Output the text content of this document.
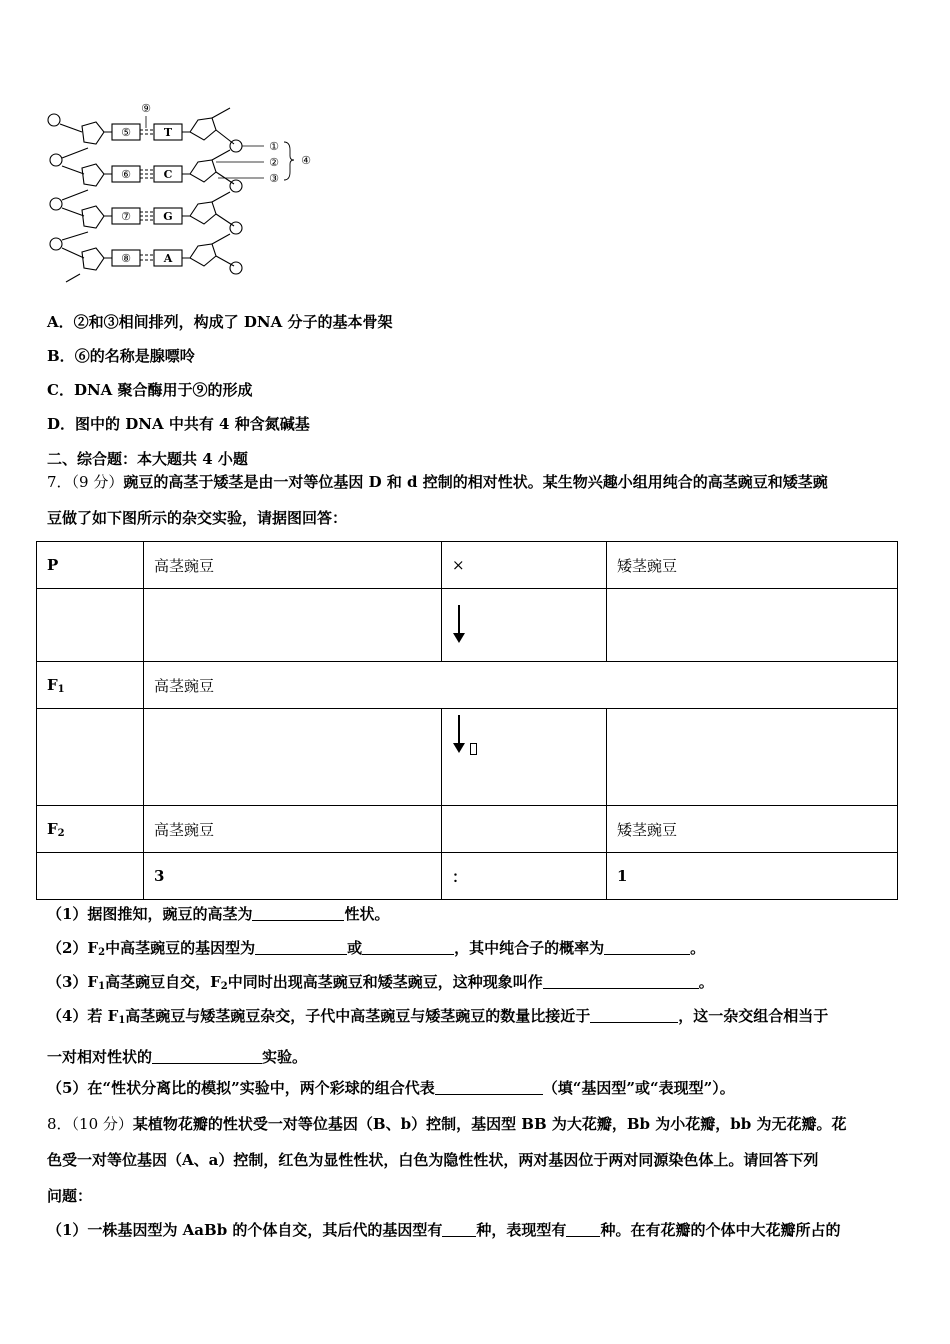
⑤
⑥
⑦
⑧
T
C
G
A
⑨
①
②
③
④
A．②和③相间排列，构成了 DNA 分子的基本骨架
B．⑥的名称是腺嘌呤
C．DNA 聚合酶用于⑨的形成
D．图中的 DNA 中共有 4 种含氮碱基
二、综合题：本大题共 4 小题
7．（9 分）豌豆的高茎于矮茎是由一对等位基因 D 和 d 控制的相对性状。某生物兴趣小组用纯合的高茎豌豆和矮茎豌
豆做了如下图所示的杂交实验，请据图回答：
P	高茎豌豆	×	矮茎豌豆

$F_1$	高茎豌豆		

$F_2$	高茎豌豆		矮茎豌豆
	3	：	1
（1）据图推知，豌豆的高茎为	性状。
$(2)F_2$中高茎豌豆的基因型为	或	，其中纯合子的概率为	。
$(3)F_1$高茎豌豆自交，$F_2$中同时出现高茎豌豆和矮茎豌豆，这种现象叫作	。
（4）若 $F_1$高茎豌豆与矮茎豌豆杂交，子代中高茎豌豆与矮茎豌豆的数量比接近于	，这一杂交组合相当于
一对相对性状的	实验。
（5）在“性状分离比的模拟”实验中，两个彩球的组合代表	（填“基因型”或“表现型”）。
8．（10 分）某植物花瓣的性状受一对等位基因（B、b）控制，基因型 BB 为大花瓣，Bb 为小花瓣，bb 为无花瓣。花
色受一对等位基因（A、a）控制，红色为显性性状，白色为隐性性状，两对基因位于两对同源染色体上。请回答下列
问题：
（1）一株基因型为 AaBb 的个体自交，其后代的基因型有 种，表现型有 种。在有花瓣的个体中大花瓣所占的
